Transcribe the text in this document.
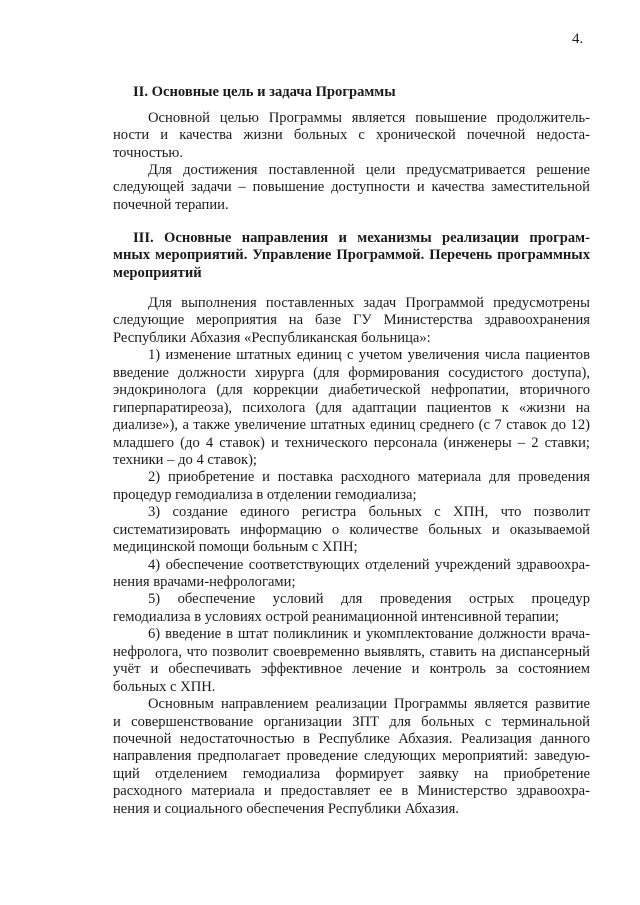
4.
II. Основные цель и задача Программы
Основной целью Программы является повышение продолжитель-
ности и качества жизни больных с хронической почечной недоста-
точностью.
Для достижения поставленной цели предусматривается решение
следующей задачи – повышение доступности и качества заместительной
почечной терапии.
III. Основные направления и механизмы реализации програм-
мных мероприятий. Управление Программой. Перечень программных
мероприятий
Для выполнения поставленных задач Программой предусмотрены
следующие мероприятия на базе ГУ Министерства здравоохранения
Республики Абхазия «Республиканская больница»:
1) изменение штатных единиц с учетом увеличения числа пациентов
введение должности хирурга (для формирования сосудистого доступа),
эндокринолога (для коррекции диабетической нефропатии, вторичного
гиперпаратиреоза), психолога (для адаптации пациентов к «жизни на
диализе»), а также увеличение штатных единиц среднего (с 7 ставок до 12)
младшего (до 4 ставок) и технического персонала (инженеры – 2 ставки;
техники – до 4 ставок);
2) приобретение и поставка расходного материала для проведения
процедур гемодиализа в отделении гемодиализа;
3) создание единого регистра больных с ХПН, что позволит
систематизировать информацию о количестве больных и оказываемой
медицинской помощи больным с ХПН;
4) обеспечение соответствующих отделений учреждений здравоохра-
нения врачами-нефрологами;
5) обеспечение условий для проведения острых процедур
гемодиализа в условиях острой реанимационной интенсивной терапии;
6) введение в штат поликлиник и укомплектование должности врача-
нефролога, что позволит своевременно выявлять, ставить на диспансерный
учёт и обеспечивать эффективное лечение и контроль за состоянием
больных с ХПН.
Основным направлением реализации Программы является развитие
и совершенствование организации ЗПТ для больных с терминальной
почечной недостаточностью в Республике Абхазия. Реализация данного
направления предполагает проведение следующих мероприятий: заведую-
щий отделением гемодиализа формирует заявку на приобретение
расходного материала и предоставляет ее в Министерство здравоохра-
нения и социального обеспечения Республики Абхазия.
